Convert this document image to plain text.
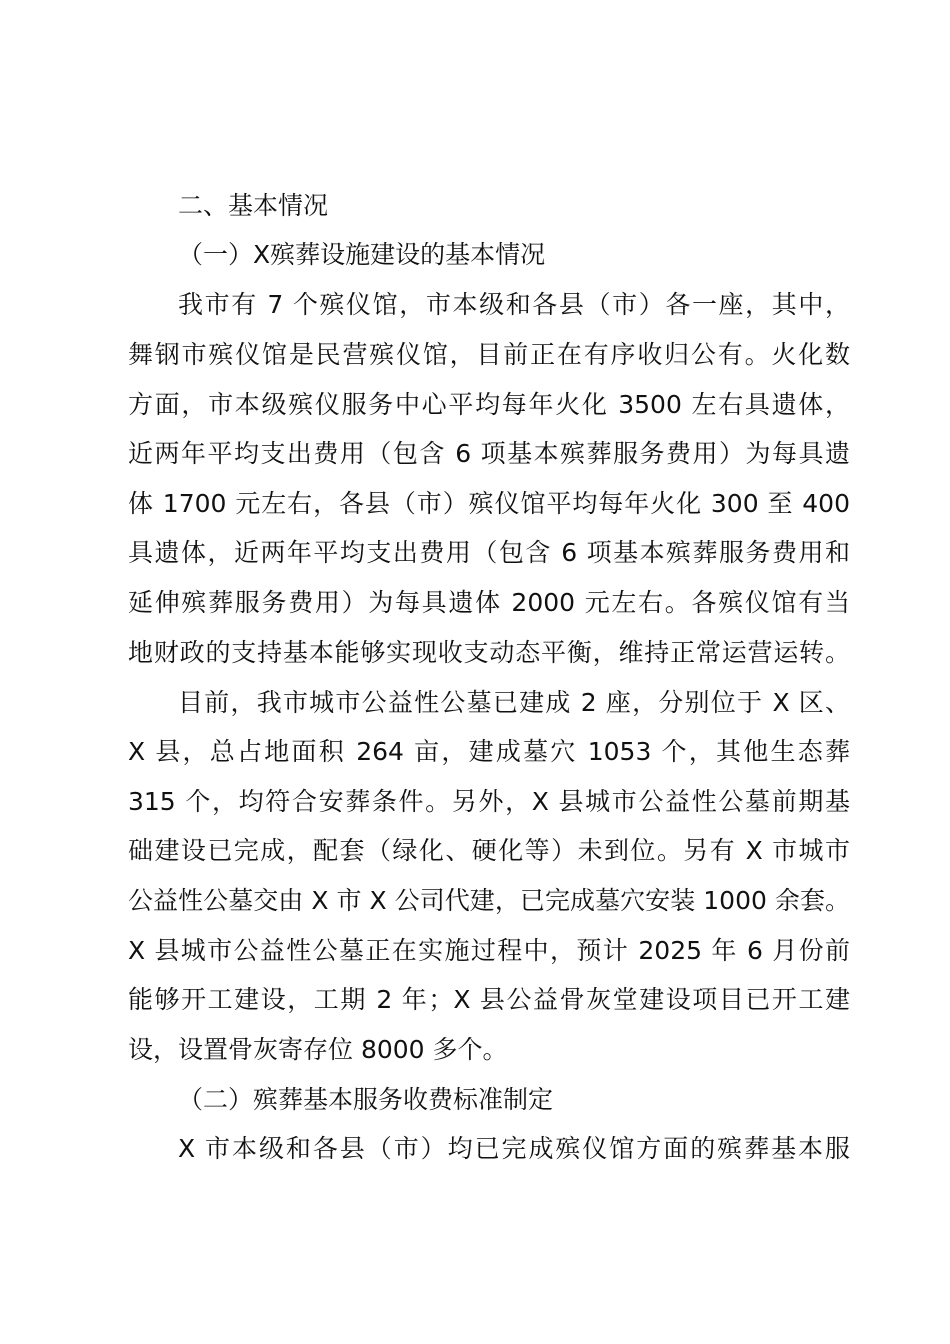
二、基本情况
（一）X殡葬设施建设的基本情况
我市有 7 个殡仪馆，市本级和各县（市）各一座，其中，
舞钢市殡仪馆是民营殡仪馆，目前正在有序收归公有。火化数
方面，市本级殡仪服务中心平均每年火化 3500 左右具遗体，
近两年平均支出费用（包含 6 项基本殡葬服务费用）为每具遗
体 1700 元左右，各县（市）殡仪馆平均每年火化 300 至 400
具遗体，近两年平均支出费用（包含 6 项基本殡葬服务费用和
延伸殡葬服务费用）为每具遗体 2000 元左右。各殡仪馆有当
地财政的支持基本能够实现收支动态平衡，维持正常运营运转。
目前，我市城市公益性公墓已建成 2 座，分别位于 X 区、
X 县，总占地面积 264 亩，建成墓穴 1053 个，其他生态葬
315 个，均符合安葬条件。另外，X 县城市公益性公墓前期基
础建设已完成，配套（绿化、硬化等）未到位。另有 X 市城市
公益性公墓交由 X 市 X 公司代建，已完成墓穴安装 1000 余套。
X 县城市公益性公墓正在实施过程中，预计 2025 年 6 月份前
能够开工建设，工期 2 年；X 县公益骨灰堂建设项目已开工建
设，设置骨灰寄存位 8000 多个。
（二）殡葬基本服务收费标准制定
X 市本级和各县（市）均已完成殡仪馆方面的殡葬基本服
